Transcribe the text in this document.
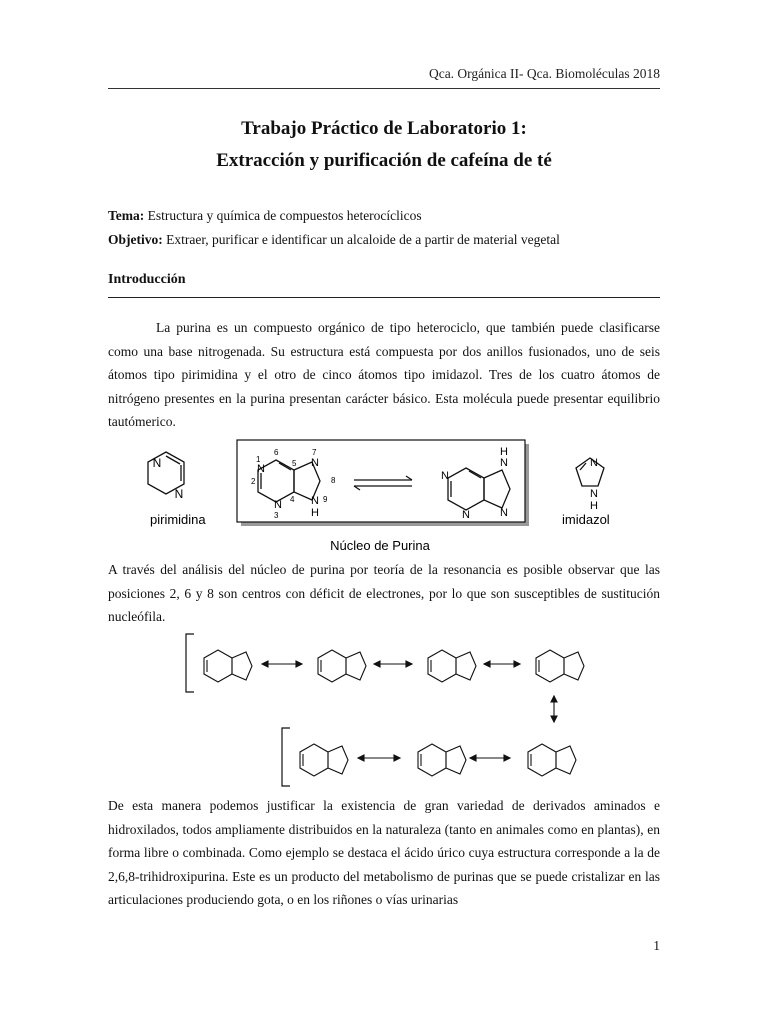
Qca. Orgánica II- Qca. Biomoléculas 2018
Trabajo Práctico de Laboratorio 1:
Extracción y purificación de cafeína de té
Tema: Estructura y química de compuestos heterocíclicos
Objetivo: Extraer, purificar e identificar un alcaloide de a partir de material vegetal
Introducción

La purina es un compuesto orgánico de tipo heterociclo, que también puede clasificarse como una base nitrogenada. Su estructura está compuesta por dos anillos fusionados, uno de seis átomos tipo pirimidina y el otro de cinco átomos tipo imidazol. Tres de los cuatro átomos de nitrógeno presentes en la purina presentan carácter básico. Esta molécula puede presentar equilibrio tautómerico.

N
N
pirimidina
N
N
N
N
H
1
2
3
4
5
6	7
8
9
N
N
N
H
N
N
N
H
imidazol
Núcleo de Purina

A través del análisis del núcleo de purina por teoría de la resonancia es posible observar que las posiciones 2, 6 y 8 son centros con déficit de electrones, por lo que son susceptibles de sustitución nucleófila.

De esta manera podemos justificar la existencia de gran variedad de derivados aminados e hidroxilados, todos ampliamente distribuidos en la naturaleza (tanto en animales como en plantas), en forma libre o combinada. Como ejemplo se destaca el ácido úrico cuya estructura corresponde a la de 2,6,8-trihidroxipurina. Este es un producto del metabolismo de purinas que se puede cristalizar en las articulaciones produciendo gota, o en los riñones o vías urinarias

1
